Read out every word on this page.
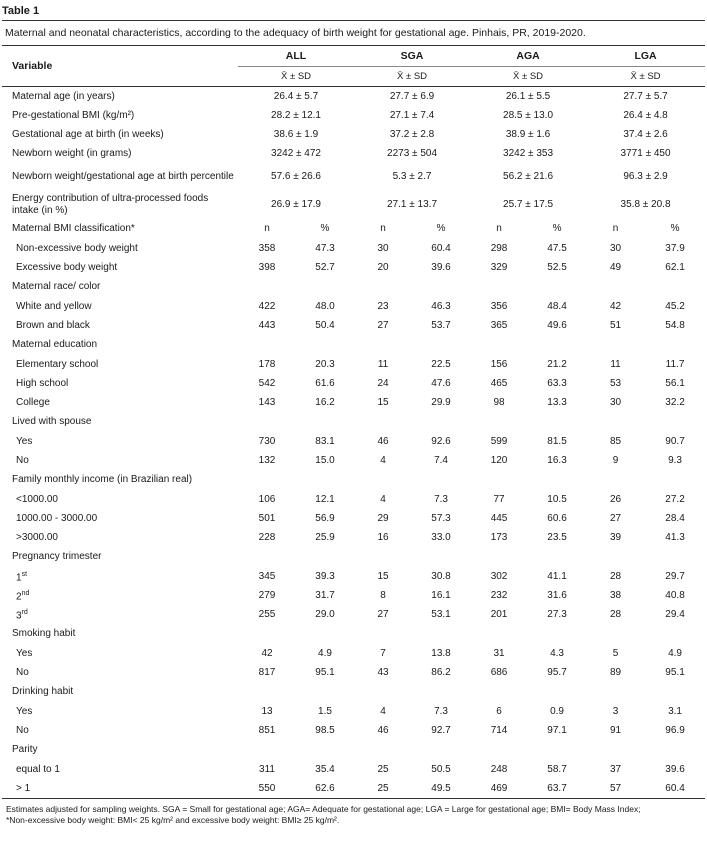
Table 1
Maternal and neonatal characteristics, according to the adequacy of birth weight for gestational age. Pinhais, PR, 2019-2020.
Variable	ALL		SGA		AGA		LGA	
	X̄ ± SD		X̄ ± SD		X̄ ± SD		X̄ ± SD	
Maternal age (in years)	26.4 ± 5.7		27.7 ± 6.9		26.1 ± 5.5		27.7 ± 5.7	
Pre-gestational BMI (kg/m²)	28.2 ± 12.1		27.1 ± 7.4		28.5 ± 13.0		26.4 ± 4.8	
Gestational age at birth (in weeks)	38.6 ± 1.9		37.2 ± 2.8		38.9 ± 1.6		37.4 ± 2.6	
Newborn weight (in grams)	3242 ± 472		2273 ± 504		3242 ± 353		3771 ± 450	
Newborn weight/gestational age at birth percentile	57.6 ± 26.6		5.3 ± 2.7		56.2 ± 21.6		96.3 ± 2.9	
Energy contribution of ultra-processed foods intake (in %)	26.9 ± 17.9		27.1 ± 13.7		25.7 ± 17.5		35.8 ± 20.8	
Maternal BMI classification*	n	%	n	%	n	%	n	%
Non-excessive body weight	358	47.3	30	60.4	298	47.5	30	37.9
Excessive body weight	398	52.7	20	39.6	329	52.5	49	62.1
Maternal race/ color								
White and yellow	422	48.0	23	46.3	356	48.4	42	45.2
Brown and black	443	50.4	27	53.7	365	49.6	51	54.8
Maternal education								
Elementary school	178	20.3	11	22.5	156	21.2	11	11.7
High school	542	61.6	24	47.6	465	63.3	53	56.1
College	143	16.2	15	29.9	98	13.3	30	32.2
Lived with spouse								
Yes	730	83.1	46	92.6	599	81.5	85	90.7
No	132	15.0	4	7.4	120	16.3	9	9.3
Family monthly income (in Brazilian real)								
<1000.00	106	12.1	4	7.3	77	10.5	26	27.2
1000.00 - 3000.00	501	56.9	29	57.3	445	60.6	27	28.4
>3000.00	228	25.9	16	33.0	173	23.5	39	41.3
Pregnancy trimester								
1st	345	39.3	15	30.8	302	41.1	28	29.7
2nd	279	31.7	8	16.1	232	31.6	38	40.8
3rd	255	29.0	27	53.1	201	27.3	28	29.4
Smoking habit								
Yes	42	4.9	7	13.8	31	4.3	5	4.9
No	817	95.1	43	86.2	686	95.7	89	95.1
Drinking habit								
Yes	13	1.5	4	7.3	6	0.9	3	3.1
No	851	98.5	46	92.7	714	97.1	91	96.9
Parity								
equal to 1	311	35.4	25	50.5	248	58.7	37	39.6
> 1	550	62.6	25	49.5	469	63.7	57	60.4
Estimates adjusted for sampling weights. SGA = Small for gestational age; AGA= Adequate for gestational age; LGA = Large for gestational age; BMI= Body Mass Index;
*Non-excessive body weight: BMI< 25 kg/m² and excessive body weight: BMI≥ 25 kg/m².
